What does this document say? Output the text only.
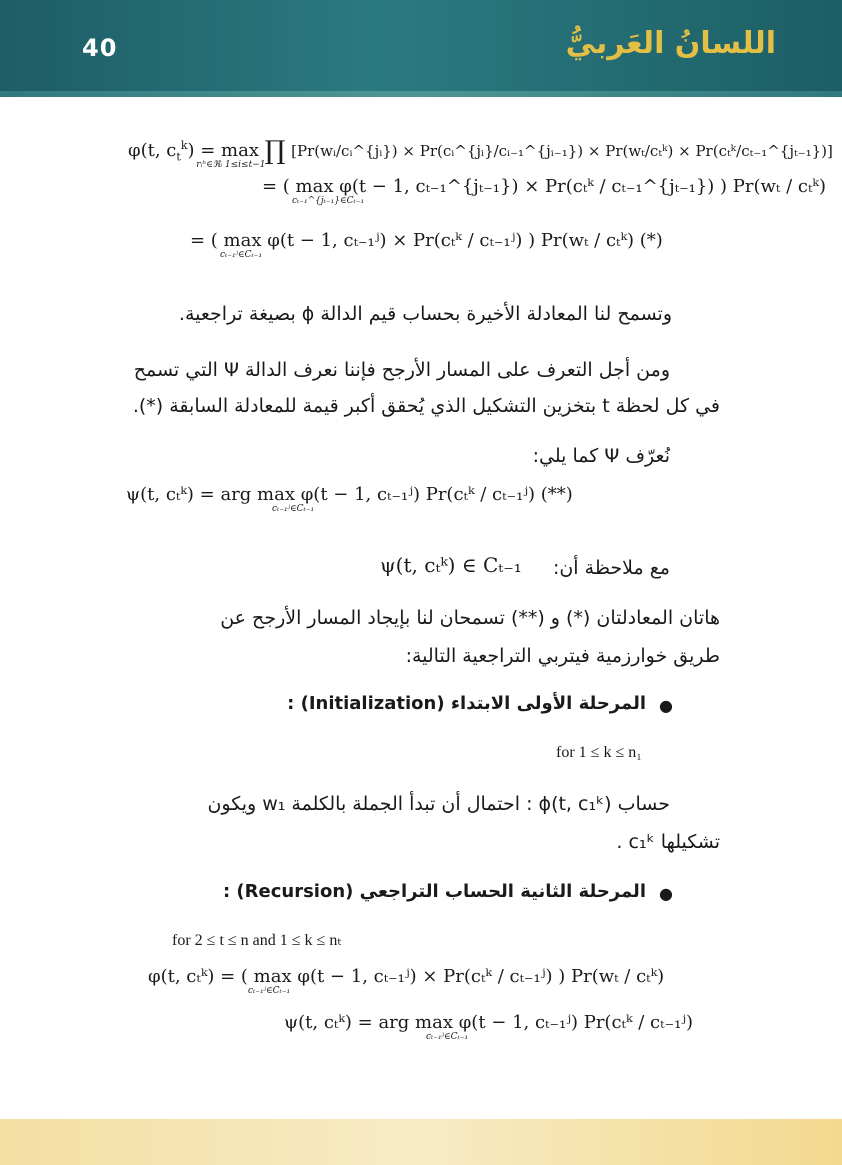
40	اللسانُ العَربيُّ
φ(t, $c_t^k) = \max$
rᵢʰ∈ℜᵢ 1≤i≤t−1 ∏ [Pr(wᵢ/cᵢ^{jᵢ}) × Pr(cᵢ^{jᵢ}/cᵢ₋₁^{jᵢ₋₁}) × Pr(wₜ/cₜᵏ) × Pr(cₜᵏ/cₜ₋₁^{jₜ₋₁})]
= ( max φ(t − 1, cₜ₋₁^{jₜ₋₁}) × Pr(cₜᵏ / cₜ₋₁^{jₜ₋₁}) ) Pr(wₜ / cₜᵏ)
cₜ₋₁^{jₜ₋₁}∈Cₜ₋₁
= ( max φ(t − 1, cₜ₋₁ʲ) × Pr(cₜᵏ / cₜ₋₁ʲ) ) Pr(wₜ / cₜᵏ) (*)
cₜ₋₁ʲ∈Cₜ₋₁
وتسمح لنا المعادلة الأخيرة بحساب قيم الدالة ϕ بصيغة تراجعية.
ومن أجل التعرف على المسار الأرجح فإننا نعرف الدالة Ψ التي تسمح
في كل لحظة t بتخزين التشكيل الذي يُحقق أكبر قيمة للمعادلة السابقة (*).
نُعرّف Ψ كما يلي:
ψ(t, cₜᵏ) = arg max φ(t − 1, cₜ₋₁ʲ) Pr(cₜᵏ / cₜ₋₁ʲ) (**)
cₜ₋₁ʲ∈Cₜ₋₁
ψ(t, cₜᵏ) ∈ Cₜ₋₁ مع ملاحظة أن:
هاتان المعادلتان (*) و (**) تسمحان لنا بإيجاد المسار الأرجح عن
طريق خوارزمية فيتربي التراجعية التالية:
●
المرحلة الأولى الابتداء (Initialization) :
for 1 ≤ k ≤ n₁
حساب ϕ(t, c₁ᵏ) : احتمال أن تبدأ الجملة بالكلمة w₁ ويكون
تشكيلها c₁ᵏ .
●
المرحلة الثانية الحساب التراجعي (Recursion) :
for 2 ≤ t ≤ n and 1 ≤ k ≤ nₜ
φ(t, cₜᵏ) = ( max φ(t − 1, cₜ₋₁ʲ) × Pr(cₜᵏ / cₜ₋₁ʲ) ) Pr(wₜ / cₜᵏ)
cₜ₋₁ʲ∈Cₜ₋₁
ψ(t, cₜᵏ) = arg max φ(t − 1, cₜ₋₁ʲ) Pr(cₜᵏ / cₜ₋₁ʲ)
cₜ₋₁ʲ∈Cₜ₋₁
